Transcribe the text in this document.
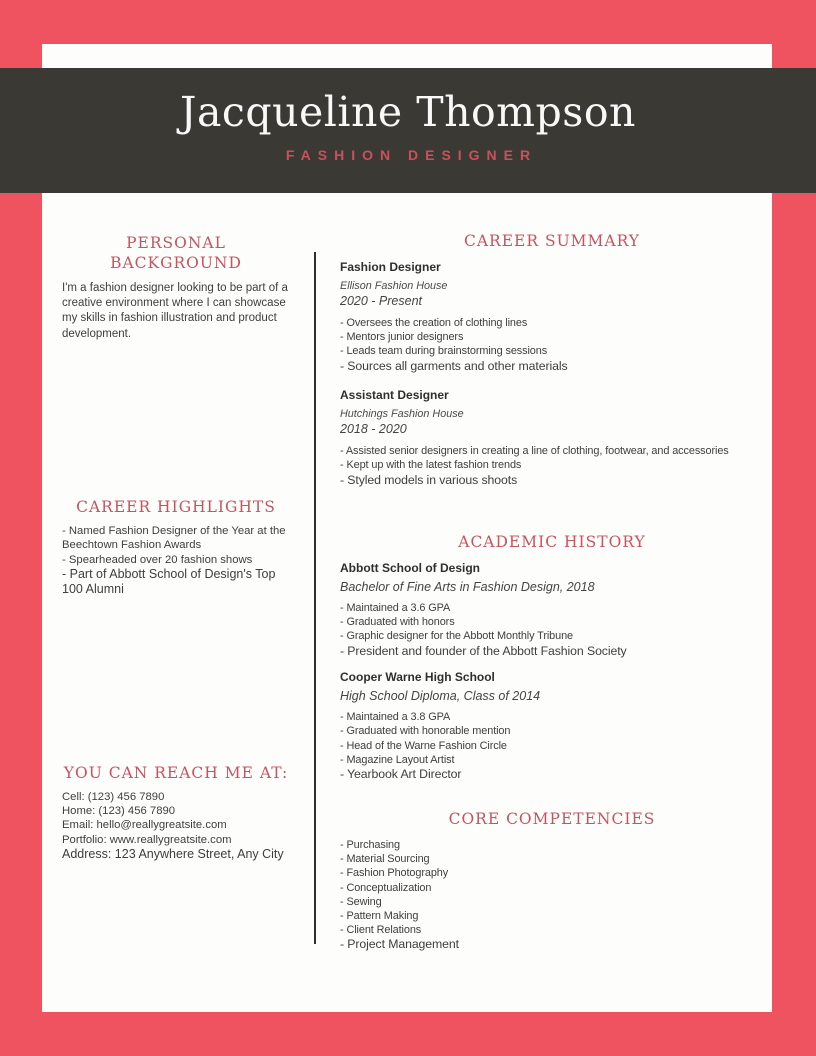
Jacqueline Thompson
FASHION DESIGNER
PERSONAL BACKGROUND
I'm a fashion designer looking to be part of a creative environment where I can showcase my skills in fashion illustration and product development.
CAREER HIGHLIGHTS
- Named Fashion Designer of the Year at the Beechtown Fashion Awards
- Spearheaded over 20 fashion shows
- Part of Abbott School of Design's Top 100 Alumni
YOU CAN REACH ME AT:
Cell: (123) 456 7890
Home: (123) 456 7890
Email: hello@reallygreatsite.com
Portfolio: www.reallygreatsite.com
Address: 123 Anywhere Street, Any City
CAREER SUMMARY
Fashion Designer
Ellison Fashion House
2020 - Present
- Oversees the creation of clothing lines
- Mentors junior designers
- Leads team during brainstorming sessions
- Sources all garments and other materials
Assistant Designer
Hutchings Fashion House
2018 - 2020
- Assisted senior designers in creating a line of clothing, footwear, and accessories
- Kept up with the latest fashion trends
- Styled models in various shoots
ACADEMIC HISTORY
Abbott School of Design
Bachelor of Fine Arts in Fashion Design, 2018
- Maintained a 3.6 GPA
- Graduated with honors
- Graphic designer for the Abbott Monthly Tribune
- President and founder of the Abbott Fashion Society
Cooper Warne High School
High School Diploma, Class of 2014
- Maintained a 3.8 GPA
- Graduated with honorable mention
- Head of the Warne Fashion Circle
- Magazine Layout Artist
- Yearbook Art Director
CORE COMPETENCIES
- Purchasing
- Material Sourcing
- Fashion Photography
- Conceptualization
- Sewing
- Pattern Making
- Client Relations
- Project Management
